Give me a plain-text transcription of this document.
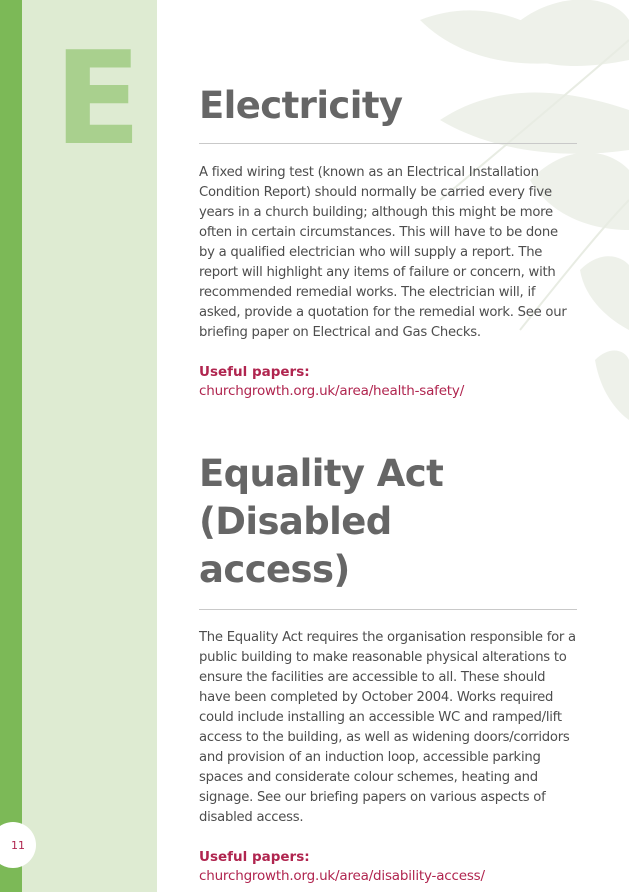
E Electricity

A fixed wiring test (known as an Electrical Installation Condition Report) should normally be carried every five years in a church building; although this might be more often in certain circumstances. This will have to be done by a qualified electrician who will supply a report. The report will highlight any items of failure or concern, with recommended remedial works. The electrician will, if asked, provide a quotation for the remedial work. See our briefing paper on Electrical and Gas Checks.

Useful papers:

churchgrowth.org.uk/area/health-safety/

Equality Act (Disabled access)

The Equality Act requires the organisation responsible for a public building to make reasonable physical alterations to ensure the facilities are accessible to all. These should have been completed by October 2004. Works required could include installing an accessible WC and ramped/lift access to the building, as well as widening doors/corridors and provision of an induction loop, accessible parking spaces and considerate colour schemes, heating and signage. See our briefing papers on various aspects of disabled access.

Useful papers:

churchgrowth.org.uk/area/disability-access/

11
